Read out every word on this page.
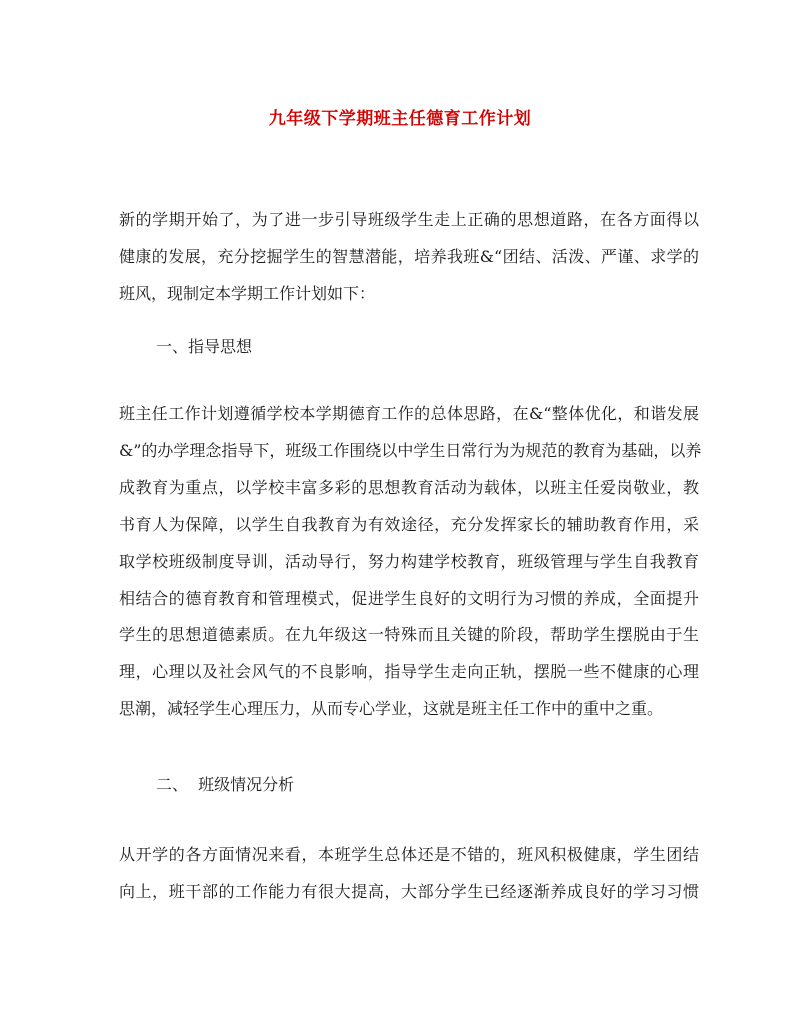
九年级下学期班主任德育工作计划

新的学期开始了，为了进一步引导班级学生走上正确的思想道路，在各方面得以
健康的发展，充分挖掘学生的智慧潜能，培养我班&“团结、活泼、严谨、求学的
班风，现制定本学期工作计划如下：

一、指导思想

班主任工作计划遵循学校本学期德育工作的总体思路，在&“整体优化，和谐发展
&”的办学理念指导下，班级工作围绕以中学生日常行为为规范的教育为基础，以养
成教育为重点，以学校丰富多彩的思想教育活动为载体，以班主任爱岗敬业，教
书育人为保障，以学生自我教育为有效途径，充分发挥家长的辅助教育作用，采
取学校班级制度导训，活动导行，努力构建学校教育，班级管理与学生自我教育
相结合的德育教育和管理模式，促进学生良好的文明行为习惯的养成，全面提升
学生的思想道德素质。在九年级这一特殊而且关键的阶段，帮助学生摆脱由于生
理，心理以及社会风气的不良影响，指导学生走向正轨，摆脱一些不健康的心理
思潮，减轻学生心理压力，从而专心学业，这就是班主任工作中的重中之重。

二、  班级情况分析

从开学的各方面情况来看，本班学生总体还是不错的，班风积极健康，学生团结
向上，班干部的工作能力有很大提高，大部分学生已经逐渐养成良好的学习习惯
